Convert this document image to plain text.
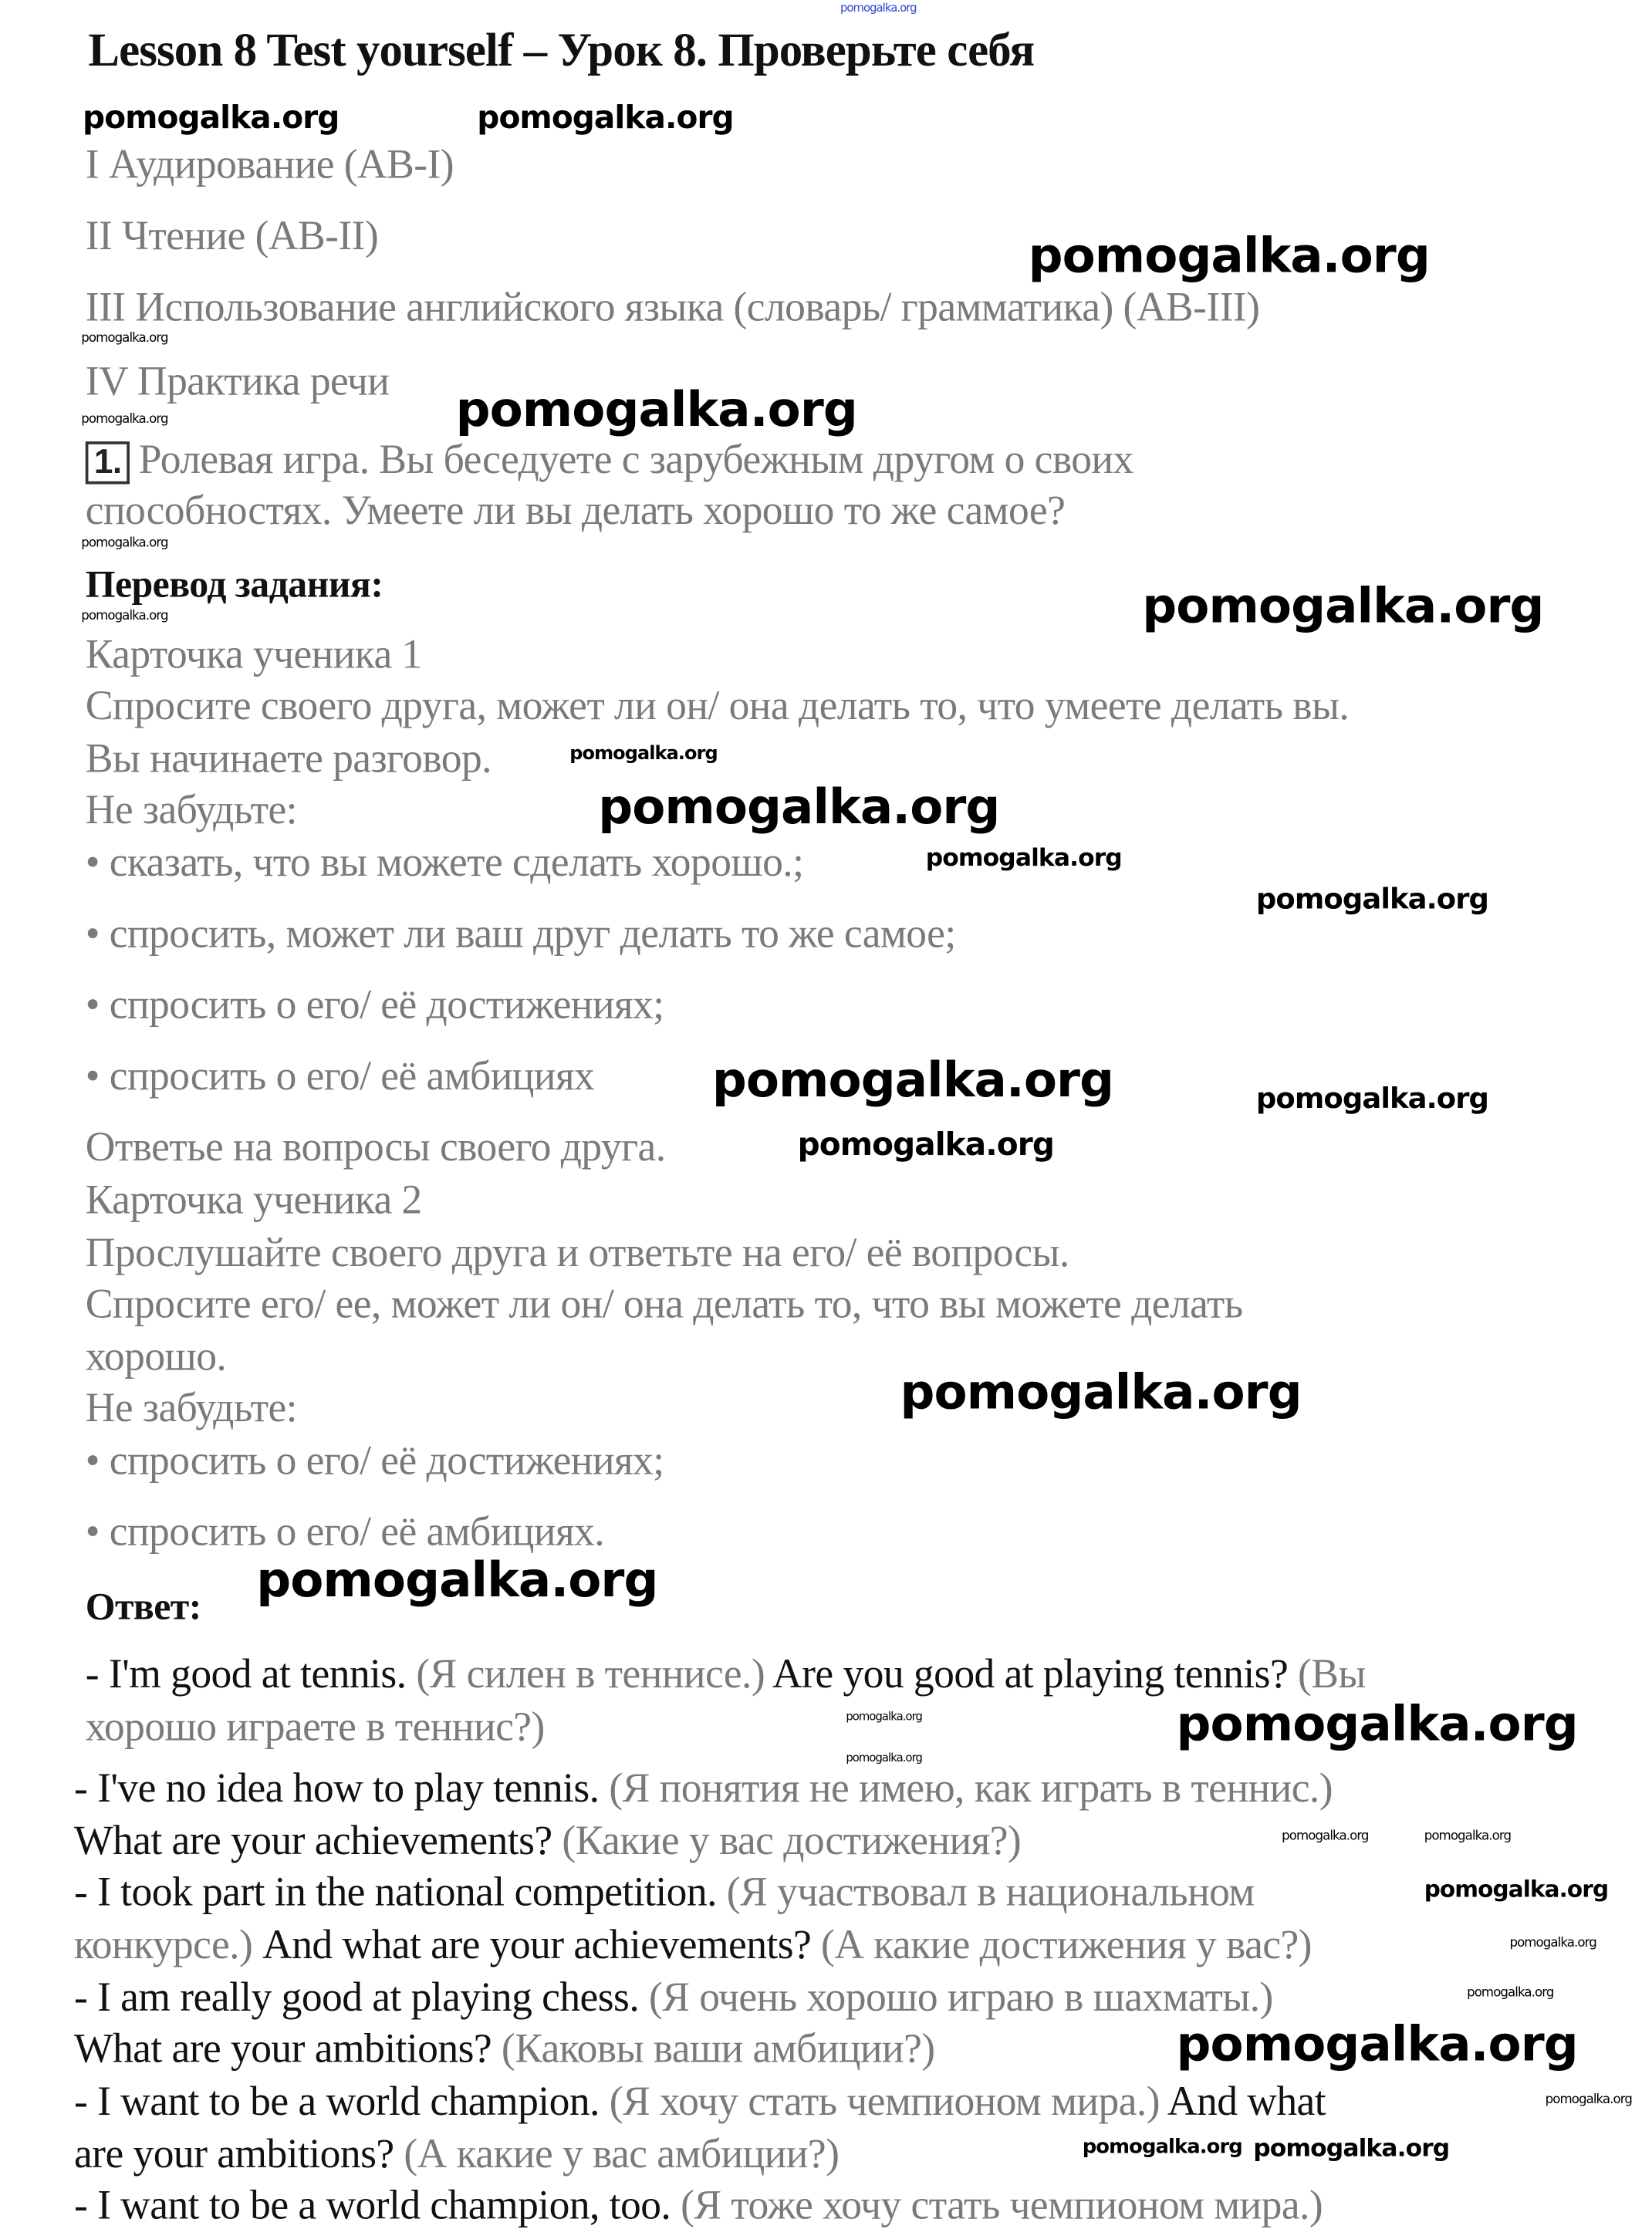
Lesson 8 Test yourself – Урок 8. Проверьте себя
I Аудирование (AB-I)
II Чтение (AB-II)
III Использование английского языка (словарь/ грамматика) (AB-III)
IV Практика речи
1. Ролевая игра. Вы беседуете с зарубежным другом о своих
способностях. Умеете ли вы делать хорошо то же самое?
Перевод задания:
Карточка ученика 1
Спросите своего друга, может ли он/ она делать то, что умеете делать вы.
Вы начинаете разговор.
Не забудьте:
• сказать, что вы можете сделать хорошо.;
• спросить, может ли ваш друг делать то же самое;
• спросить о его/ её достижениях;
• спросить о его/ её амбициях
Ответье на вопросы своего друга.
Карточка ученика 2
Прослушайте своего друга и ответьте на его/ её вопросы.
Спросите его/ ее, может ли он/ она делать то, что вы можете делать
хорошо.
Не забудьте:
• спросить о его/ её достижениях;
• спросить о его/ её амбициях.
Ответ:
- I'm good at tennis. (Я силен в теннисе.) Are you good at playing tennis? (Вы
хорошо играете в теннис?)
- I've no idea how to play tennis. (Я понятия не имею, как играть в теннис.)
What are your achievements? (Какие у вас достижения?)
- I took part in the national competition. (Я участвовал в национальном
конкурсе.) And what are your achievements? (А какие достижения у вас?)
- I am really good at playing chess. (Я очень хорошо играю в шахматы.)
What are your ambitions? (Каковы ваши амбиции?)
- I want to be a world champion. (Я хочу стать чемпионом мира.) And what
are your ambitions? (А какие у вас амбиции?)
- I want to be a world champion, too. (Я тоже хочу стать чемпионом мира.)
pomogalka.org
pomogalka.org	pomogalka.org
pomogalka.org
pomogalka.org
pomogalka.org	pomogalka.org
pomogalka.org
pomogalka.org	pomogalka.org
pomogalka.org
pomogalka.org
pomogalka.org
pomogalka.org
pomogalka.org	pomogalka.org
pomogalka.org
pomogalka.org
pomogalka.org
pomogalka.org	pomogalka.org
pomogalka.org
pomogalka.org	pomogalka.org
pomogalka.org
pomogalka.org
pomogalka.org
pomogalka.org
pomogalka.org
pomogalka.org pomogalka.org
